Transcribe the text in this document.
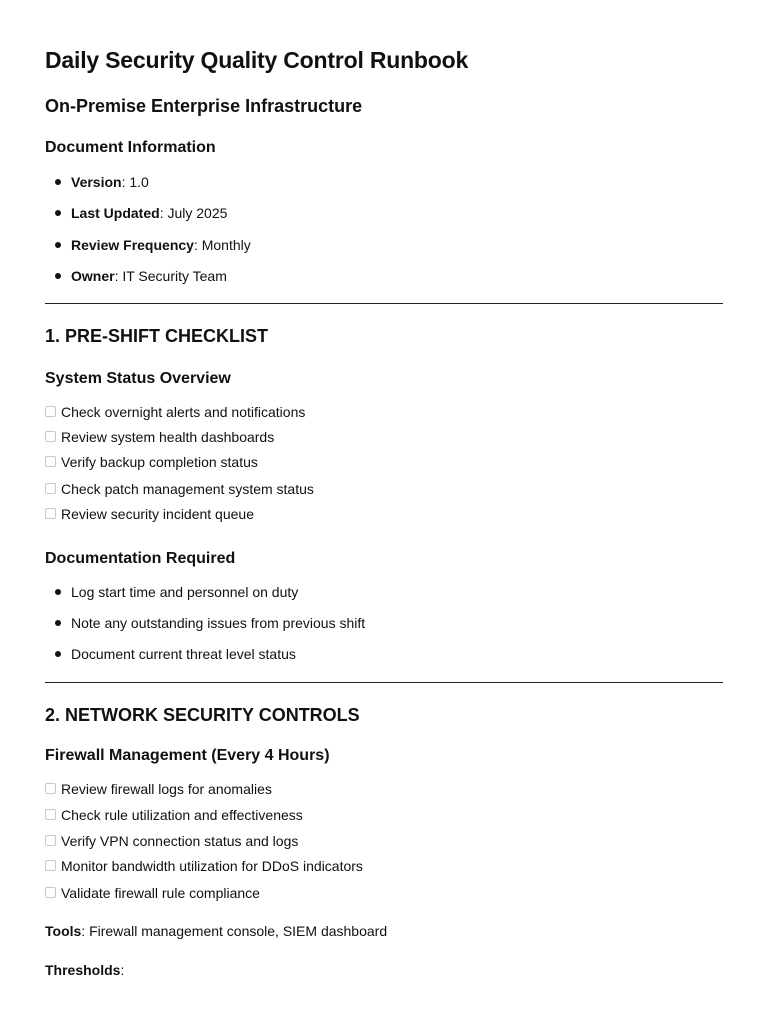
Daily Security Quality Control Runbook
On-Premise Enterprise Infrastructure
Document Information
Version: 1.0
Last Updated: July 2025
Review Frequency: Monthly
Owner: IT Security Team
1. PRE-SHIFT CHECKLIST
System Status Overview
Check overnight alerts and notifications
Review system health dashboards
Verify backup completion status
Check patch management system status
Review security incident queue
Documentation Required
Log start time and personnel on duty
Note any outstanding issues from previous shift
Document current threat level status
2. NETWORK SECURITY CONTROLS
Firewall Management (Every 4 Hours)
Review firewall logs for anomalies
Check rule utilization and effectiveness
Verify VPN connection status and logs
Monitor bandwidth utilization for DDoS indicators
Validate firewall rule compliance
Tools: Firewall management console, SIEM dashboard
Thresholds:
